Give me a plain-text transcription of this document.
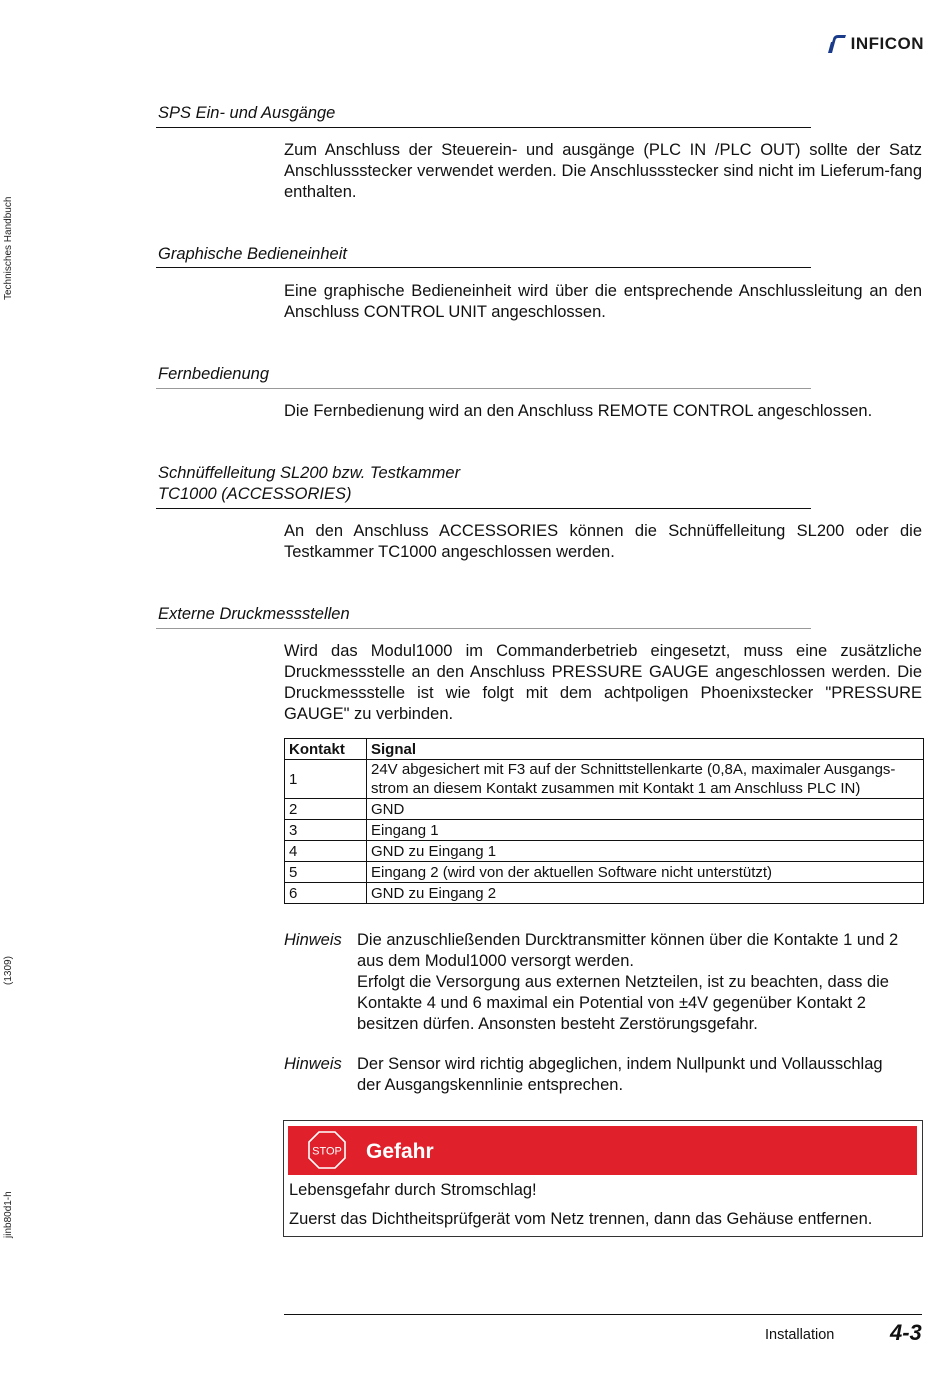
INFICON
Technisches Handbuch
(1309)
jinb80d1-h
SPS Ein- und Ausgänge
Zum Anschluss der Steuerein- und ausgänge (PLC IN /PLC OUT) sollte der Satz Anschlussstecker verwendet werden. Die Anschlussstecker sind nicht im Lieferum-fang enthalten.
Graphische Bedieneinheit
Eine graphische Bedieneinheit wird über die entsprechende Anschlussleitung an den Anschluss CONTROL UNIT angeschlossen.
Fernbedienung
Die Fernbedienung wird an den Anschluss REMOTE CONTROL angeschlossen.
Schnüffelleitung SL200 bzw. Testkammer
TC1000 (ACCESSORIES)
An den Anschluss ACCESSORIES können die Schnüffelleitung SL200 oder die Testkammer TC1000 angeschlossen werden.
Externe Druckmessstellen
Wird das Modul1000 im Commanderbetrieb eingesetzt, muss eine zusätzliche Druckmessstelle an den Anschluss PRESSURE GAUGE angeschlossen werden. Die Druckmessstelle ist wie folgt mit dem achtpoligen Phoenixstecker "PRESSURE GAUGE" zu verbinden.
Kontakt	Signal
1	24V abgesichert mit F3 auf der Schnittstellenkarte (0,8A, maximaler Ausgangs-
strom an diesem Kontakt zusammen mit Kontakt 1 am Anschluss PLC IN)

2	GND
3	Eingang 1
4	GND zu Eingang 1
5	Eingang 2 (wird von der aktuellen Software nicht unterstützt)
6	GND zu Eingang 2
Hinweis Die anzuschließenden Durcktransmitter können über die Kontakte 1 und 2
aus dem Modul1000 versorgt werden.
Erfolgt die Versorgung aus externen Netzteilen, ist zu beachten, dass die
Kontakte 4 und 6 maximal ein Potential von ±4V gegenüber Kontakt 2
besitzen dürfen. Ansonsten besteht Zerstörungsgefahr.
Hinweis Der Sensor wird richtig abgeglichen, indem Nullpunkt und Vollausschlag
der Ausgangskennlinie entsprechen.
STOP Gefahr
Lebensgefahr durch Stromschlag!
Zuerst das Dichtheitsprüfgerät vom Netz trennen, dann das Gehäuse entfernen.
Installation	4-3
